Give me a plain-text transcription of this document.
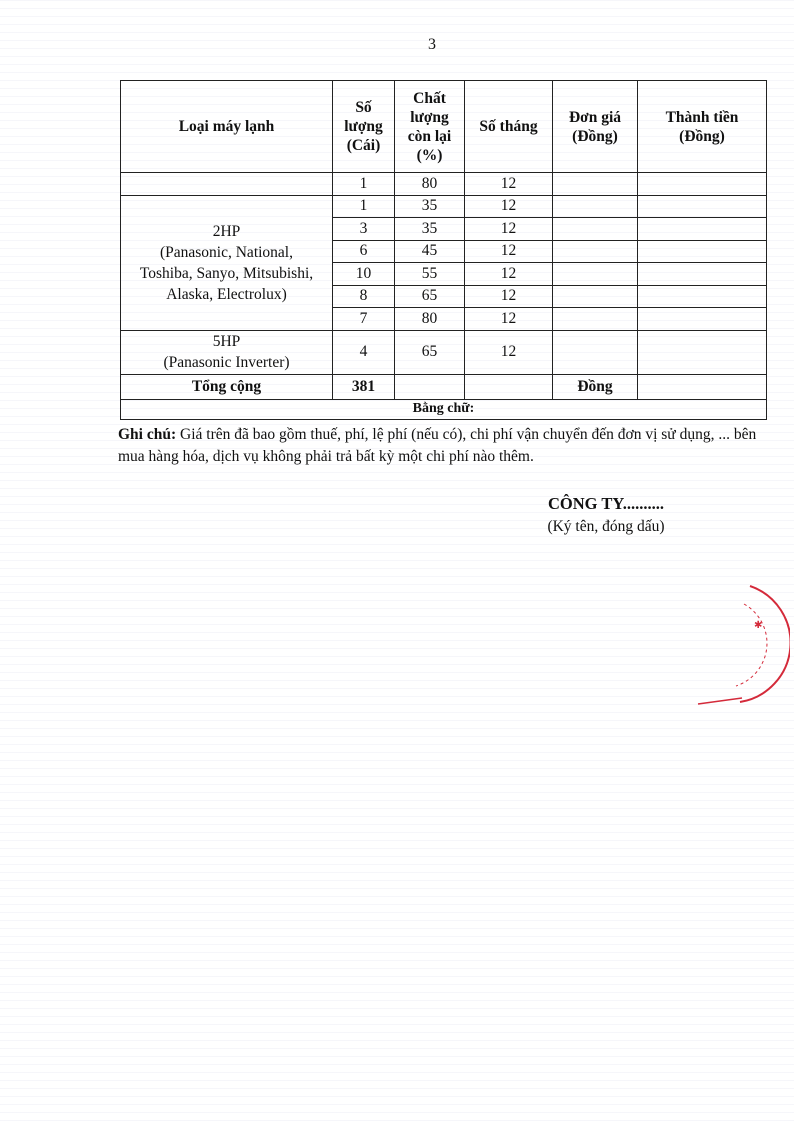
3
Loại máy lạnh	Số
lượng
(Cái)	Chất
lượng
còn lại
(%)	Số tháng	Đơn giá
(Đồng)	Thành tiền
(Đồng)
	1	80	12		
2HP
(Panasonic, National,
Toshiba, Sanyo, Mitsubishi,
Alaska, Electrolux)	1	35	12		
	3	35	12		
	6	45	12		
	10	55	12		
	8	65	12		
	7	80	12		
5HP
(Panasonic Inverter)	4	65	12		
Tổng cộng	381			Đồng	
Bằng chữ:					
Ghi chú: Giá trên đã bao gồm thuế, phí, lệ phí (nếu có), chi phí vận chuyển đến đơn vị sử dụng, ... bên mua hàng hóa, dịch vụ không phải trả bất kỳ một chi phí nào thêm.
CÔNG TY..........
(Ký tên, đóng dấu)
✱
